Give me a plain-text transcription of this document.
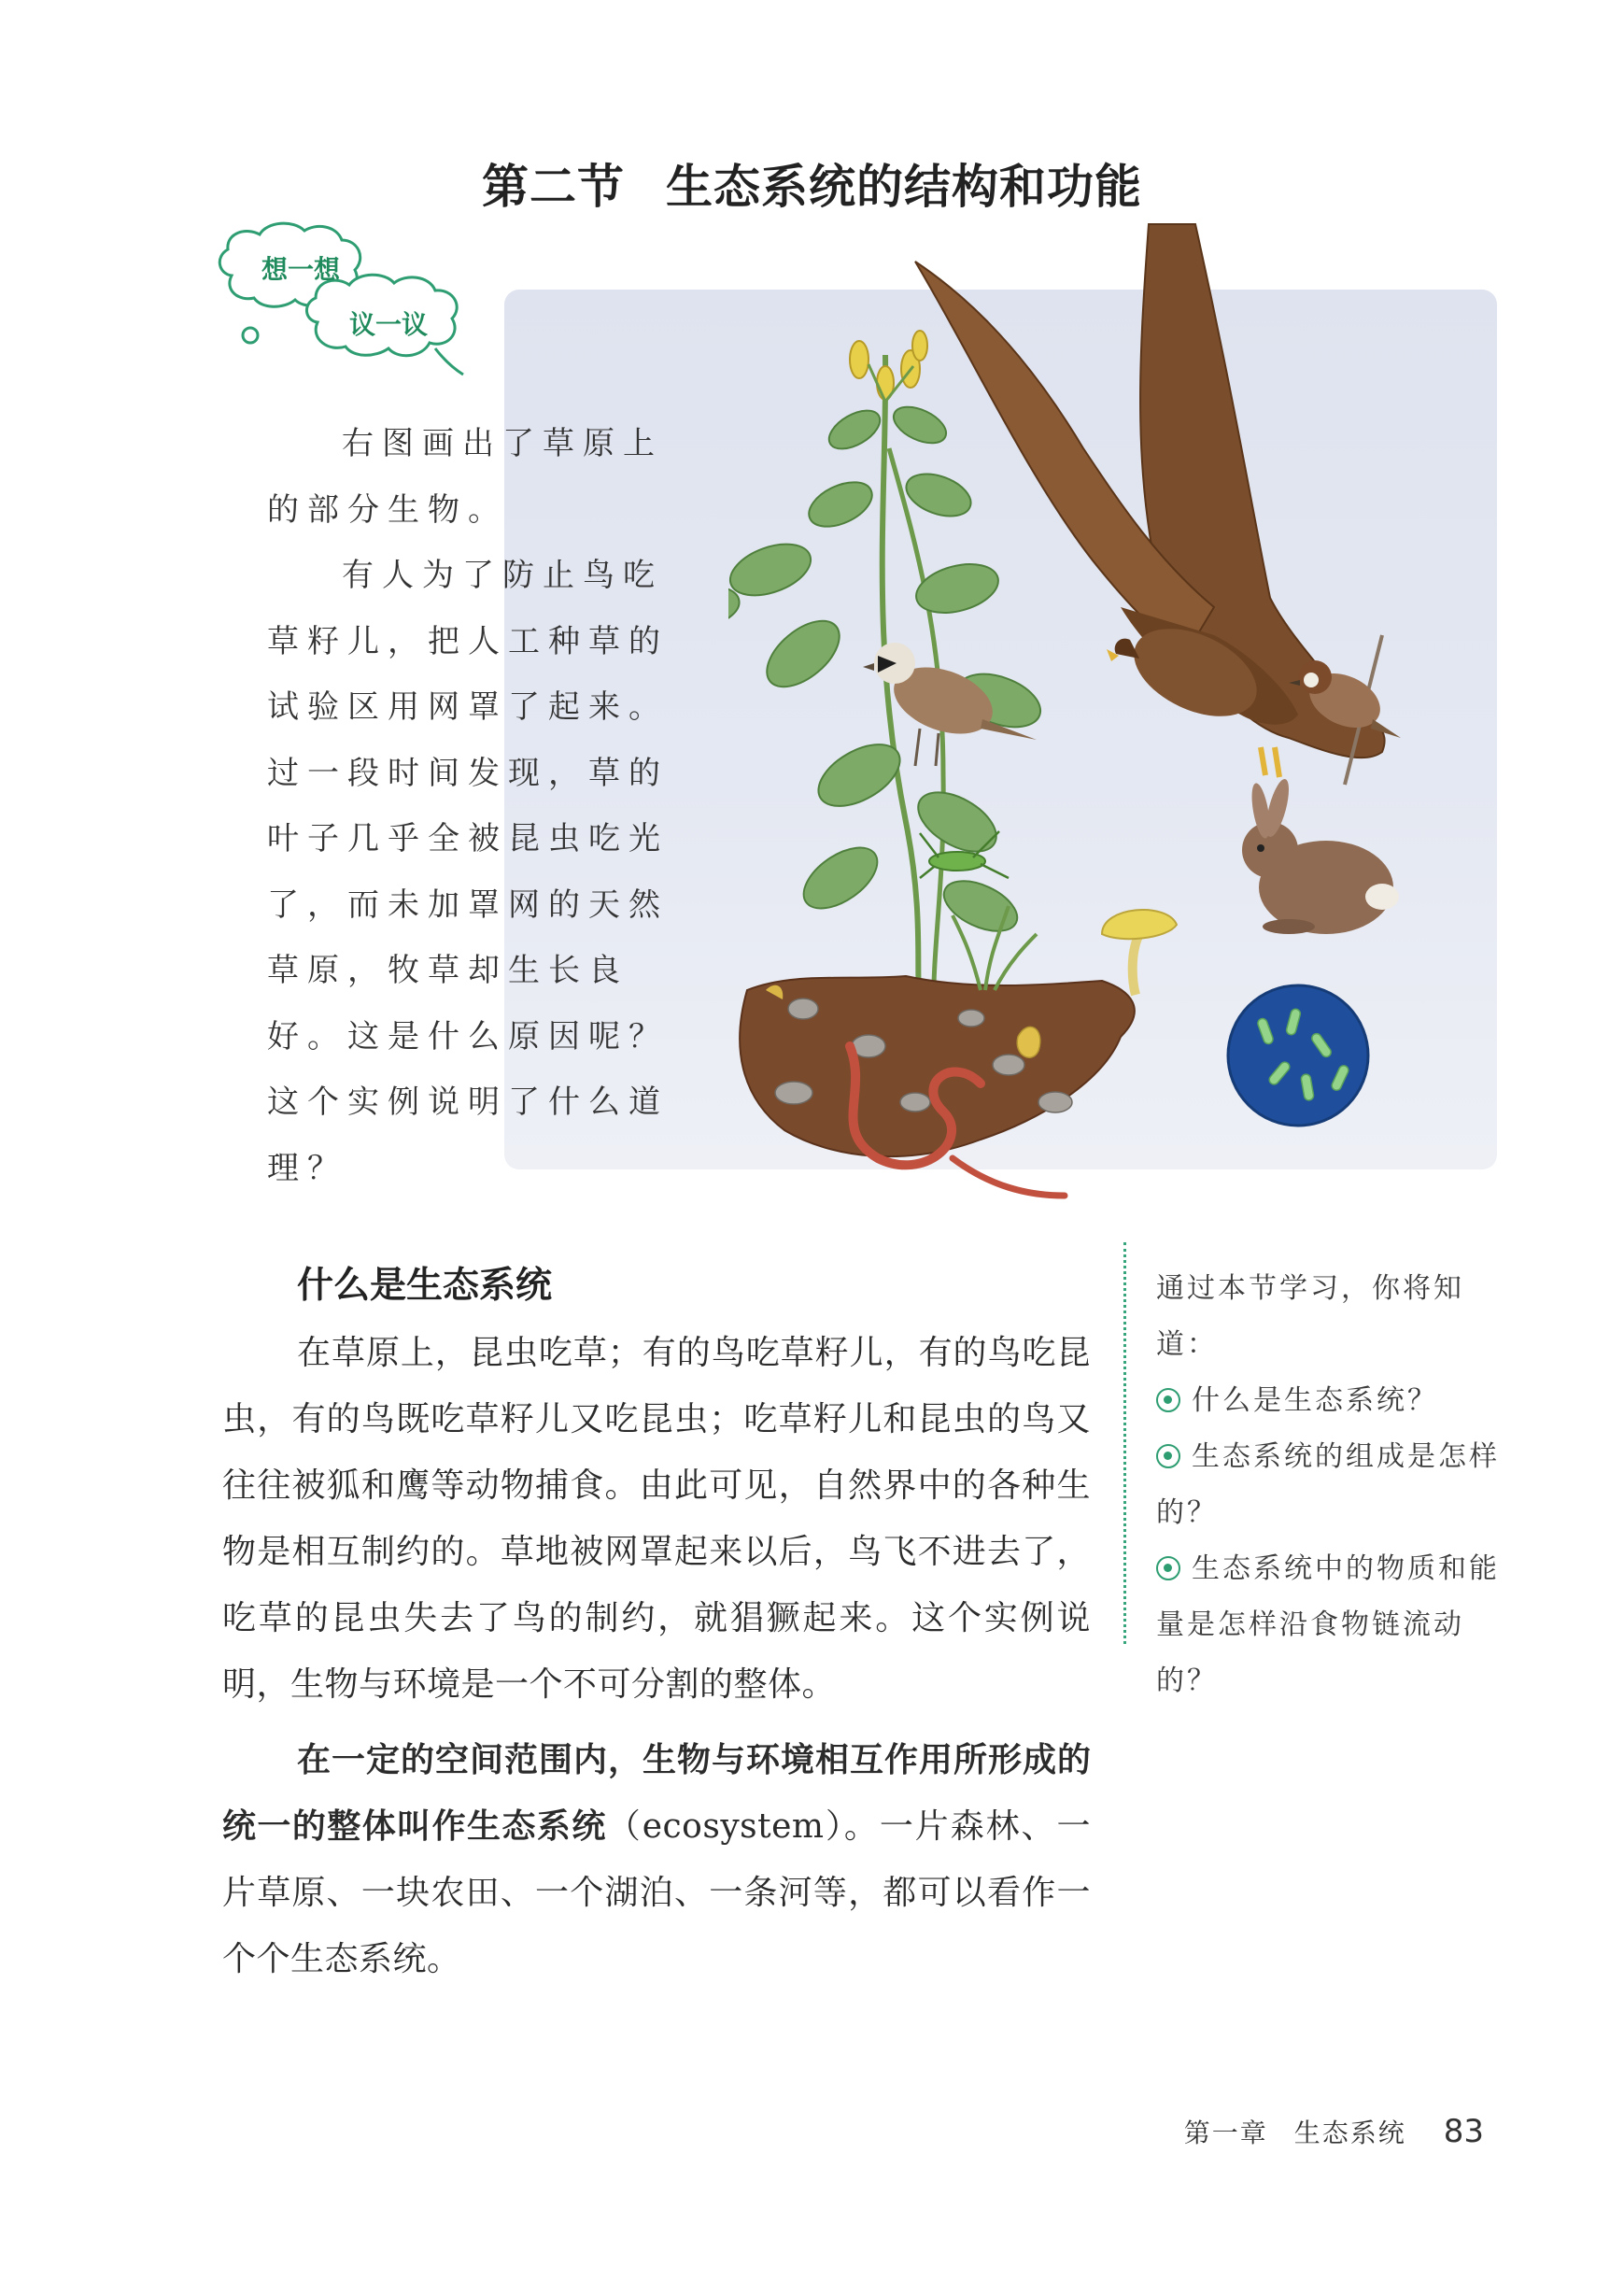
第二节 生态系统的结构和功能
想一想
议一议

右图画出了草原上的部分生物。

有人为了防止鸟吃草籽儿，把人工种草的试验区用网罩了起来。过一段时间发现，草的叶子几乎全被昆虫吃光了，而未加罩网的天然草原，牧草却生长良好。这是什么原因呢？这个实例说明了什么道理？

什么是生态系统

在草原上，昆虫吃草；有的鸟吃草籽儿，有的鸟吃昆虫，有的鸟既吃草籽儿又吃昆虫；吃草籽儿和昆虫的鸟又往往被狐和鹰等动物捕食。由此可见，自然界中的各种生物是相互制约的。草地被网罩起来以后，鸟飞不进去了，吃草的昆虫失去了鸟的制约，就猖獗起来。这个实例说明，生物与环境是一个不可分割的整体。

在一定的空间范围内，生物与环境相互作用所形成的统一的整体叫作生态系统（ecosystem）。一片森林、一片草原、一块农田、一个湖泊、一条河等，都可以看作一个个生态系统。

通过本节学习，你将知道：
什么是生态系统？
生态系统的组成是怎样的？
生态系统中的物质和能量是怎样沿食物链流动的？
第一章 生态系统 83
